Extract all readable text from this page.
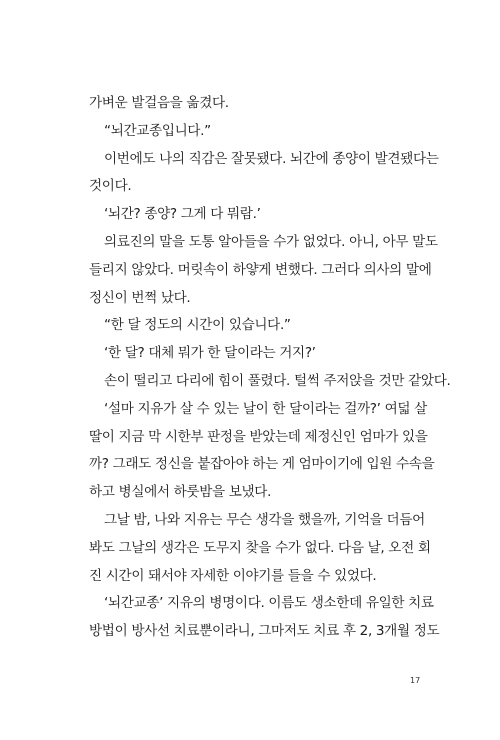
가벼운 발걸음을 옮겼다.
“뇌간교종입니다.”
이번에도 나의 직감은 잘못됐다. 뇌간에 종양이 발견됐다는
것이다.
‘뇌간? 종양? 그게 다 뭐람.’
의료진의 말을 도통 알아들을 수가 없었다. 아니, 아무 말도
들리지 않았다. 머릿속이 하얗게 변했다. 그러다 의사의 말에
정신이 번쩍 났다.
“한 달 정도의 시간이 있습니다.”
‘한 달? 대체 뭐가 한 달이라는 거지?’
손이 떨리고 다리에 힘이 풀렸다. 털썩 주저앉을 것만 같았다.
‘설마 지유가 살 수 있는 날이 한 달이라는 걸까?’ 여덟 살
딸이 지금 막 시한부 판정을 받았는데 제정신인 엄마가 있을
까? 그래도 정신을 붙잡아야 하는 게 엄마이기에 입원 수속을
하고 병실에서 하룻밤을 보냈다.
그날 밤, 나와 지유는 무슨 생각을 했을까, 기억을 더듬어
봐도 그날의 생각은 도무지 찾을 수가 없다. 다음 날, 오전 회
진 시간이 돼서야 자세한 이야기를 들을 수 있었다.
‘뇌간교종’ 지유의 병명이다. 이름도 생소한데 유일한 치료
방법이 방사선 치료뿐이라니, 그마저도 치료 후 2, 3개월 정도
17
